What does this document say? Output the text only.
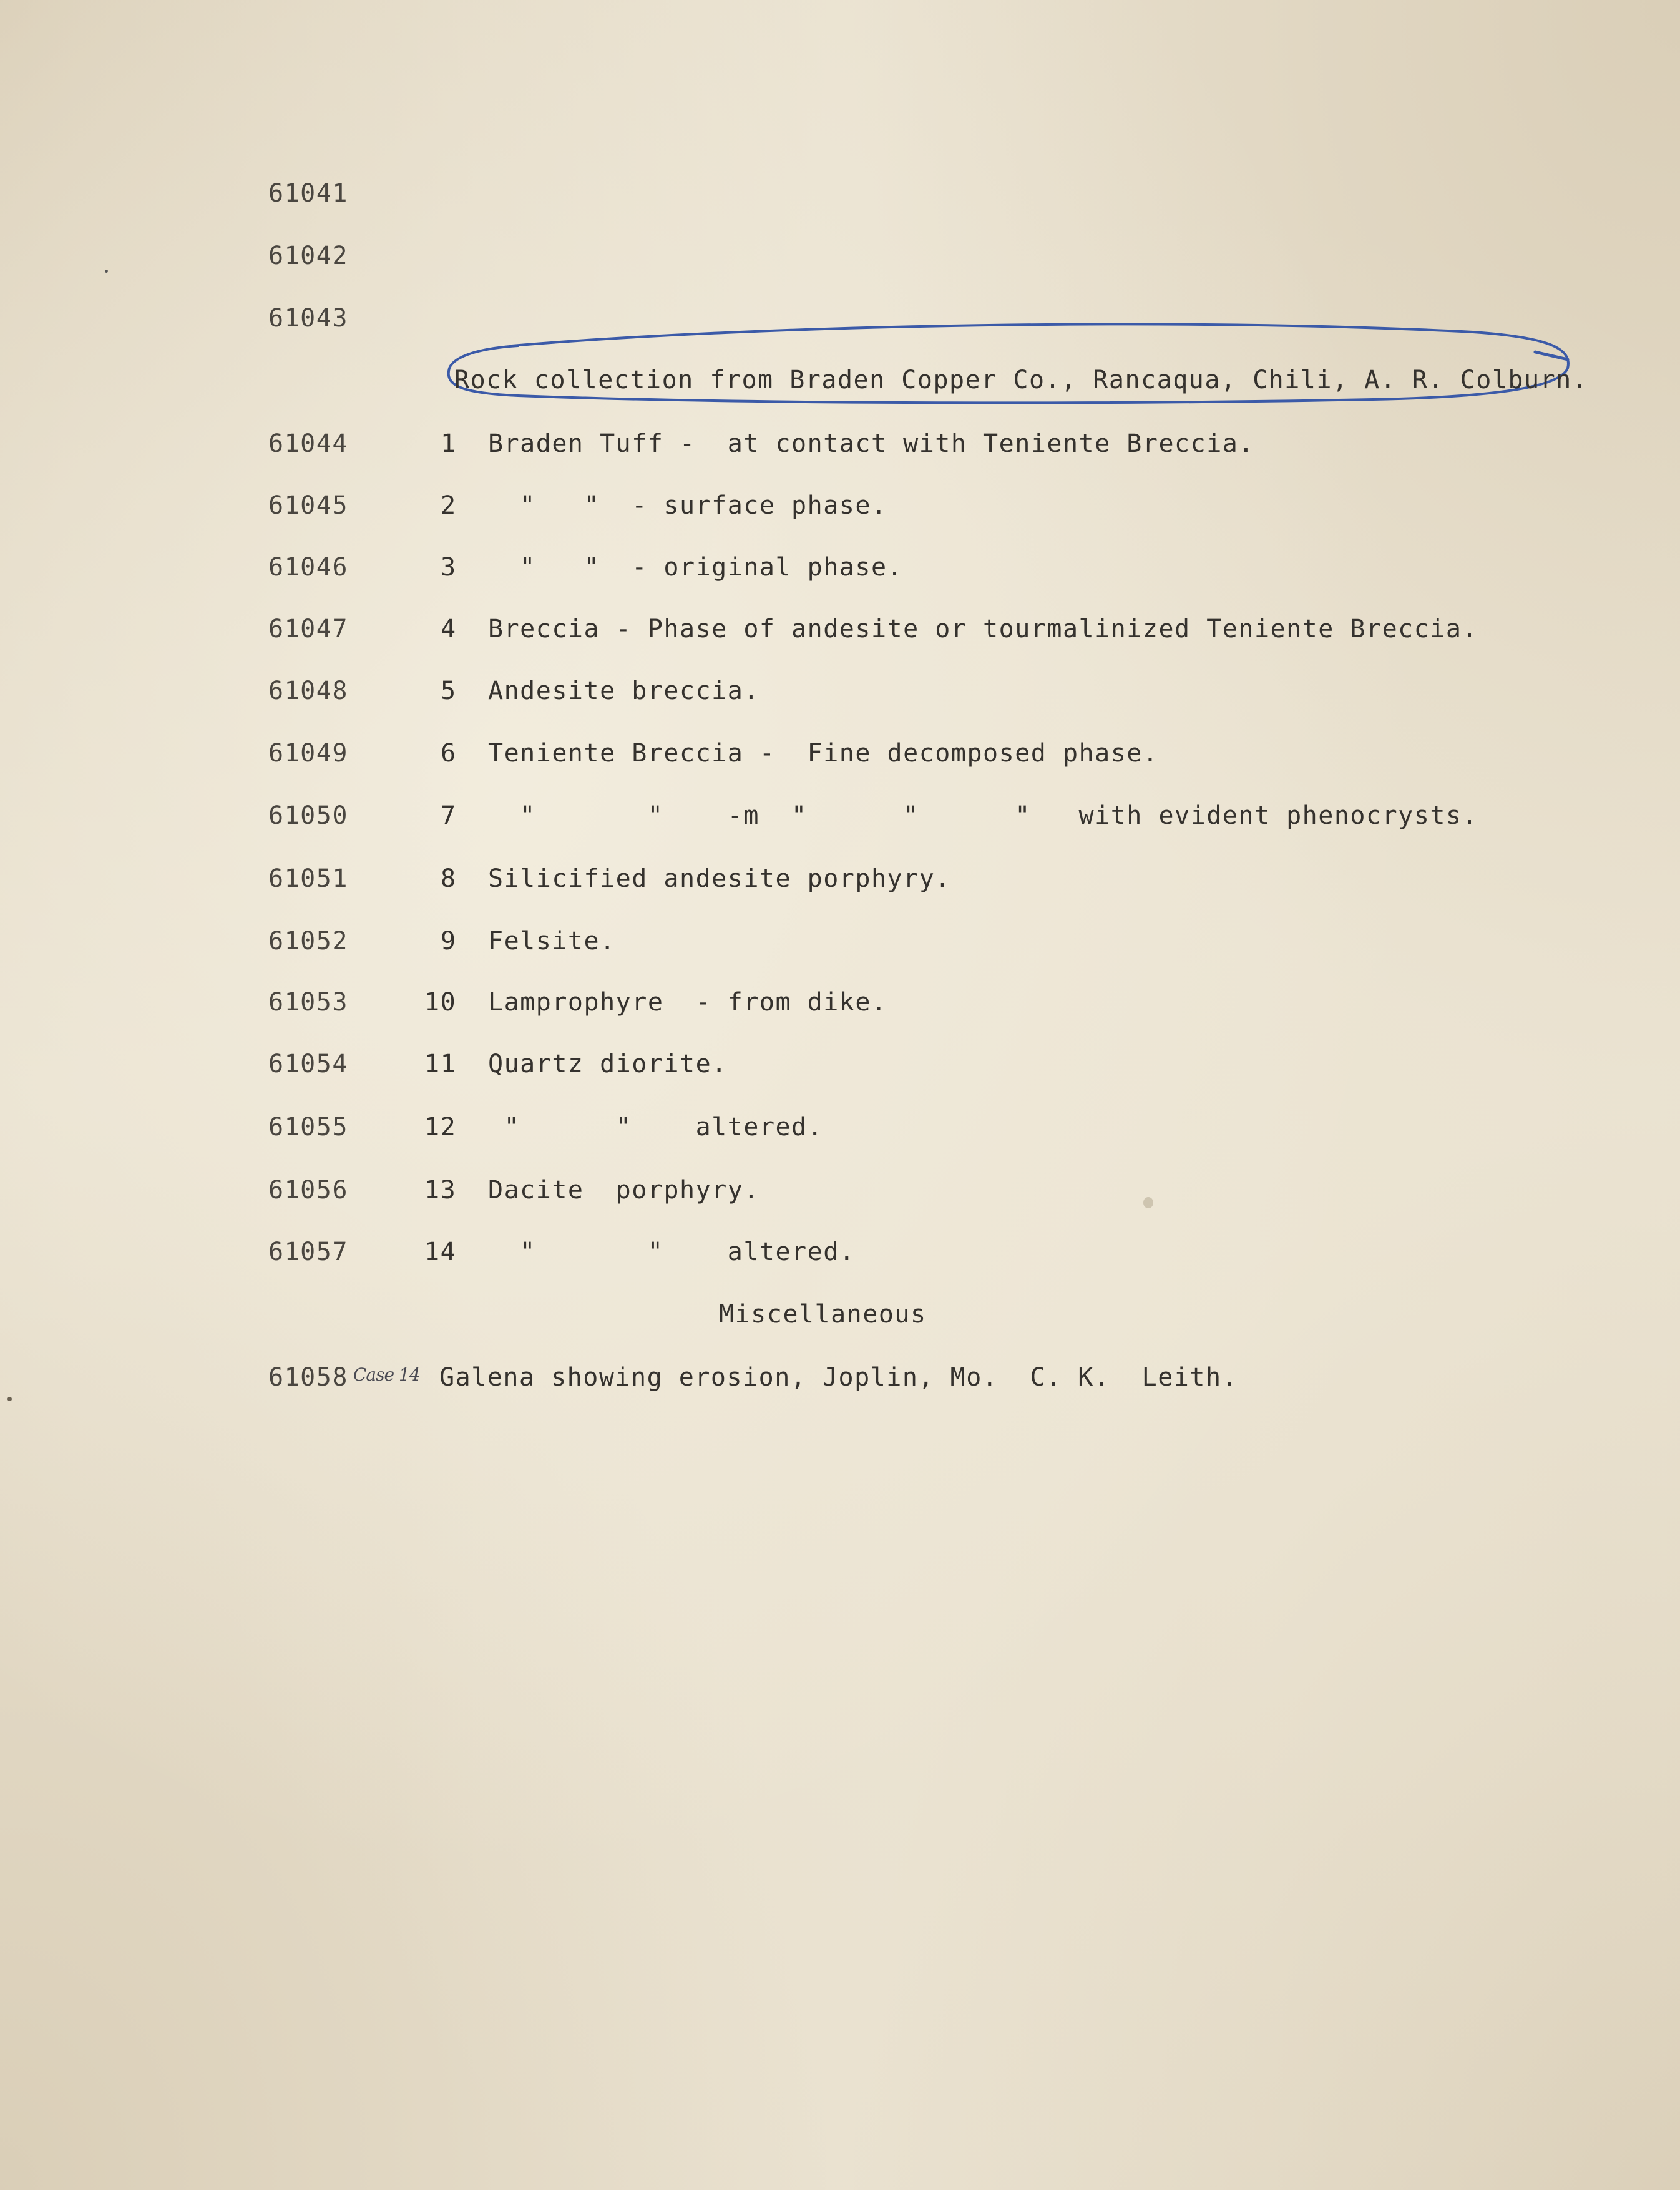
61041
61042
61043
Rock collection from Braden Copper Co., Rancaqua, Chili, A. R. Colburn.
61044	1 Braden Tuff -  at contact with Teniente Breccia.
61045	2 "   "  - surface phase.
61046	3 "   "  - original phase.
61047	4 Breccia - Phase of andesite or tourmalinized Teniente Breccia.
61048	5 Andesite breccia.
61049	6 Teniente Breccia -  Fine decomposed phase.
61050	7 "       "    -m  "      "      "   with evident phenocrysts.
61051	8 Silicified andesite porphyry.
61052	9 Felsite.
61053	10 Lamprophyre  - from dike.
61054	11 Quartz diorite.
61055	12 "      "    altered.
61056	13 Dacite  porphyry.
61057	14 "       "    altered.
Miscellaneous
61058 Case 14 Galena showing erosion, Joplin, Mo.  C. K.  Leith.
